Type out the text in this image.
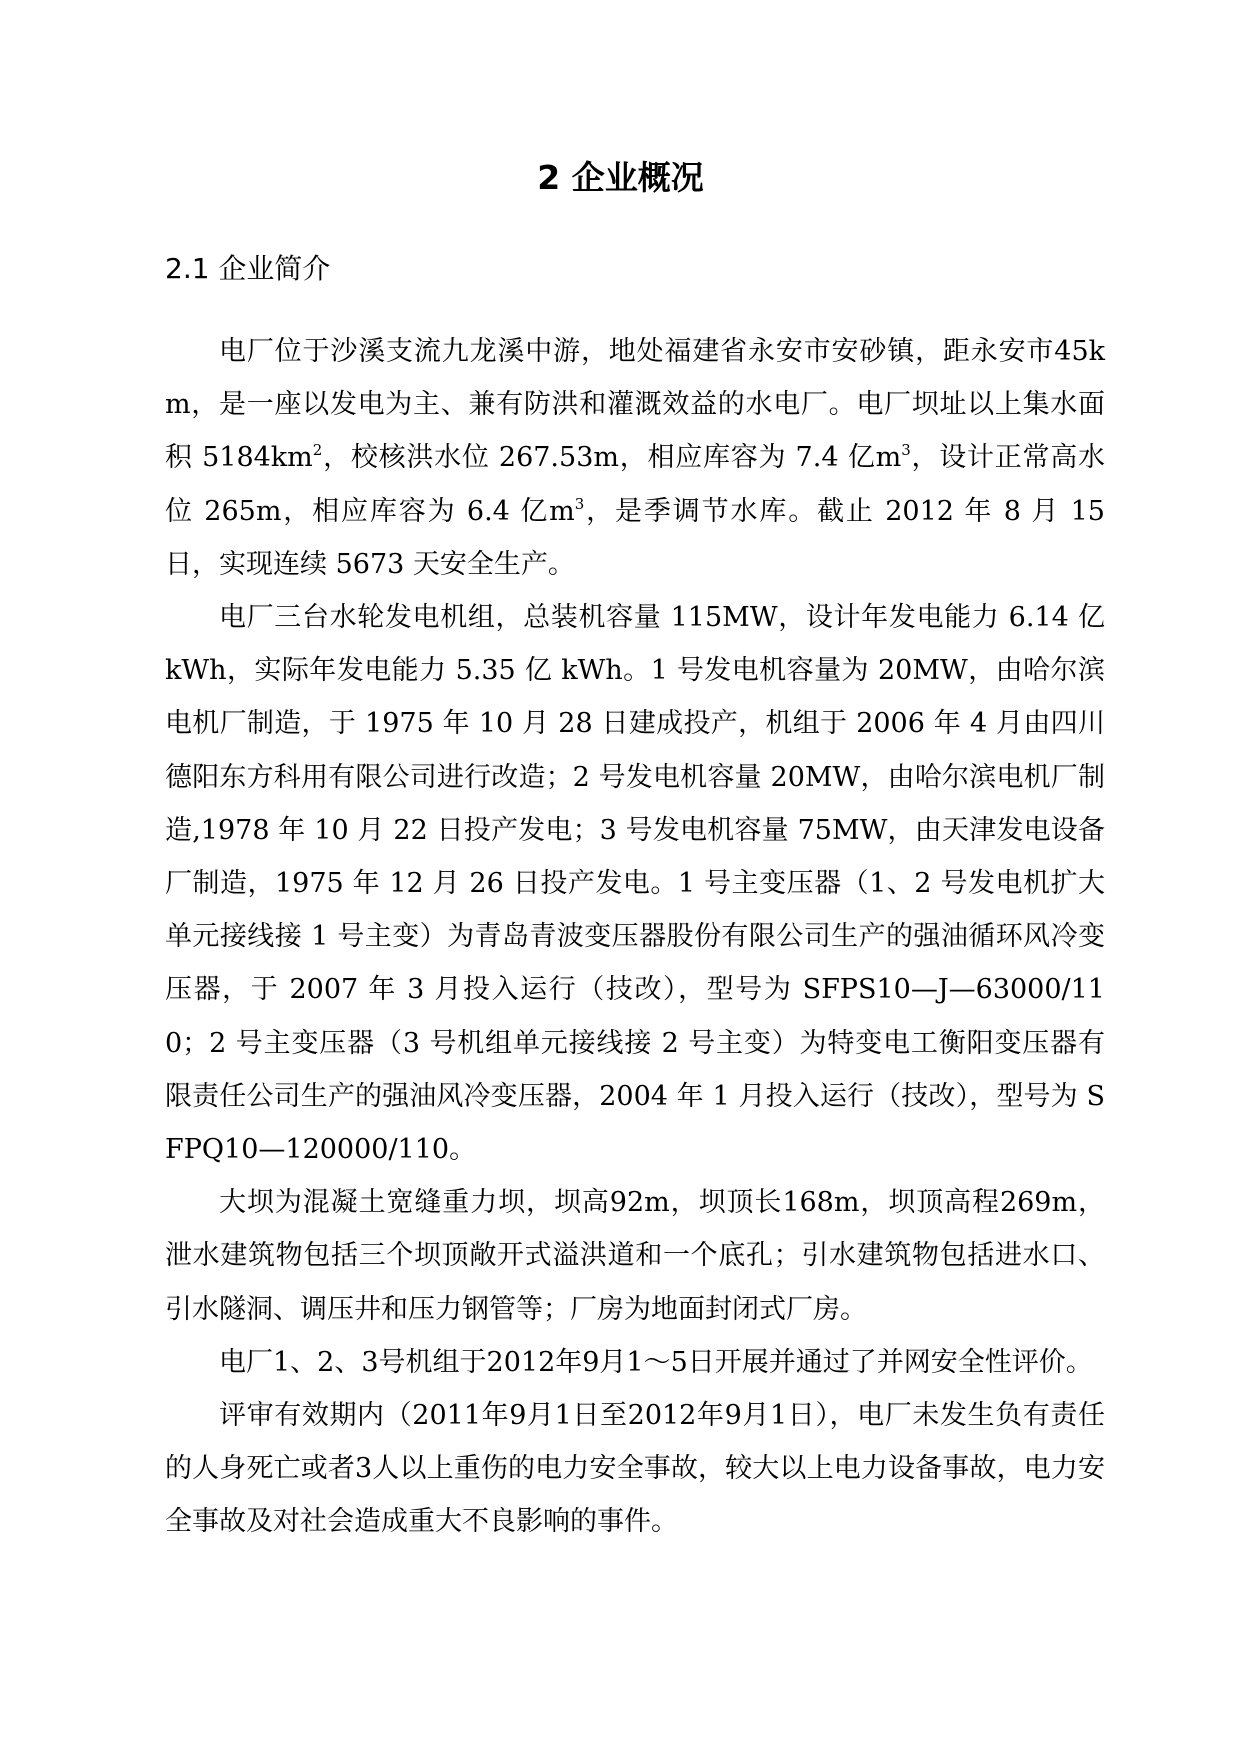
2 企业概况
2.1 企业简介

电厂位于沙溪支流九龙溪中游，地处福建省永安市安砂镇，距永安市45km，是一座以发电为主、兼有防洪和灌溉效益的水电厂。电厂坝址以上集水面积 $5184km^2$，校核洪水位 267.53m，相应库容为 7.4 亿$m^3$，设计正常高水位 265m，相应库容为 6.4 亿$m^3$，是季调节水库。截止 2012 年 8 月 15 日，实现连续 5673 天安全生产。

电厂三台水轮发电机组，总装机容量 115MW，设计年发电能力 6.14 亿 kWh，实际年发电能力 5.35 亿 kWh。1 号发电机容量为 20MW，由哈尔滨电机厂制造，于 1975 年 10 月 28 日建成投产，机组于 2006 年 4 月由四川德阳东方科用有限公司进行改造；2 号发电机容量 20MW，由哈尔滨电机厂制造,1978 年 10 月 22 日投产发电；3 号发电机容量 75MW，由天津发电设备厂制造，1975 年 12 月 26 日投产发电。1 号主变压器（1、2 号发电机扩大单元接线接 1 号主变）为青岛青波变压器股份有限公司生产的强油循环风冷变压器，于 2007 年 3 月投入运行（技改），型号为 SFPS10—J—63000/110；2 号主变压器（3 号机组单元接线接 2 号主变）为特变电工衡阳变压器有限责任公司生产的强油风冷变压器，2004 年 1 月投入运行（技改），型号为 SFPQ10—120000/110。

大坝为混凝土宽缝重力坝，坝高92m，坝顶长168m，坝顶高程269m，泄水建筑物包括三个坝顶敞开式溢洪道和一个底孔；引水建筑物包括进水口、引水隧洞、调压井和压力钢管等；厂房为地面封闭式厂房。

电厂1、2、3号机组于2012年9月1～5日开展并通过了并网安全性评价。

评审有效期内（2011年9月1日至2012年9月1日），电厂未发生负有责任的人身死亡或者3人以上重伤的电力安全事故，较大以上电力设备事故，电力安全事故及对社会造成重大不良影响的事件。
